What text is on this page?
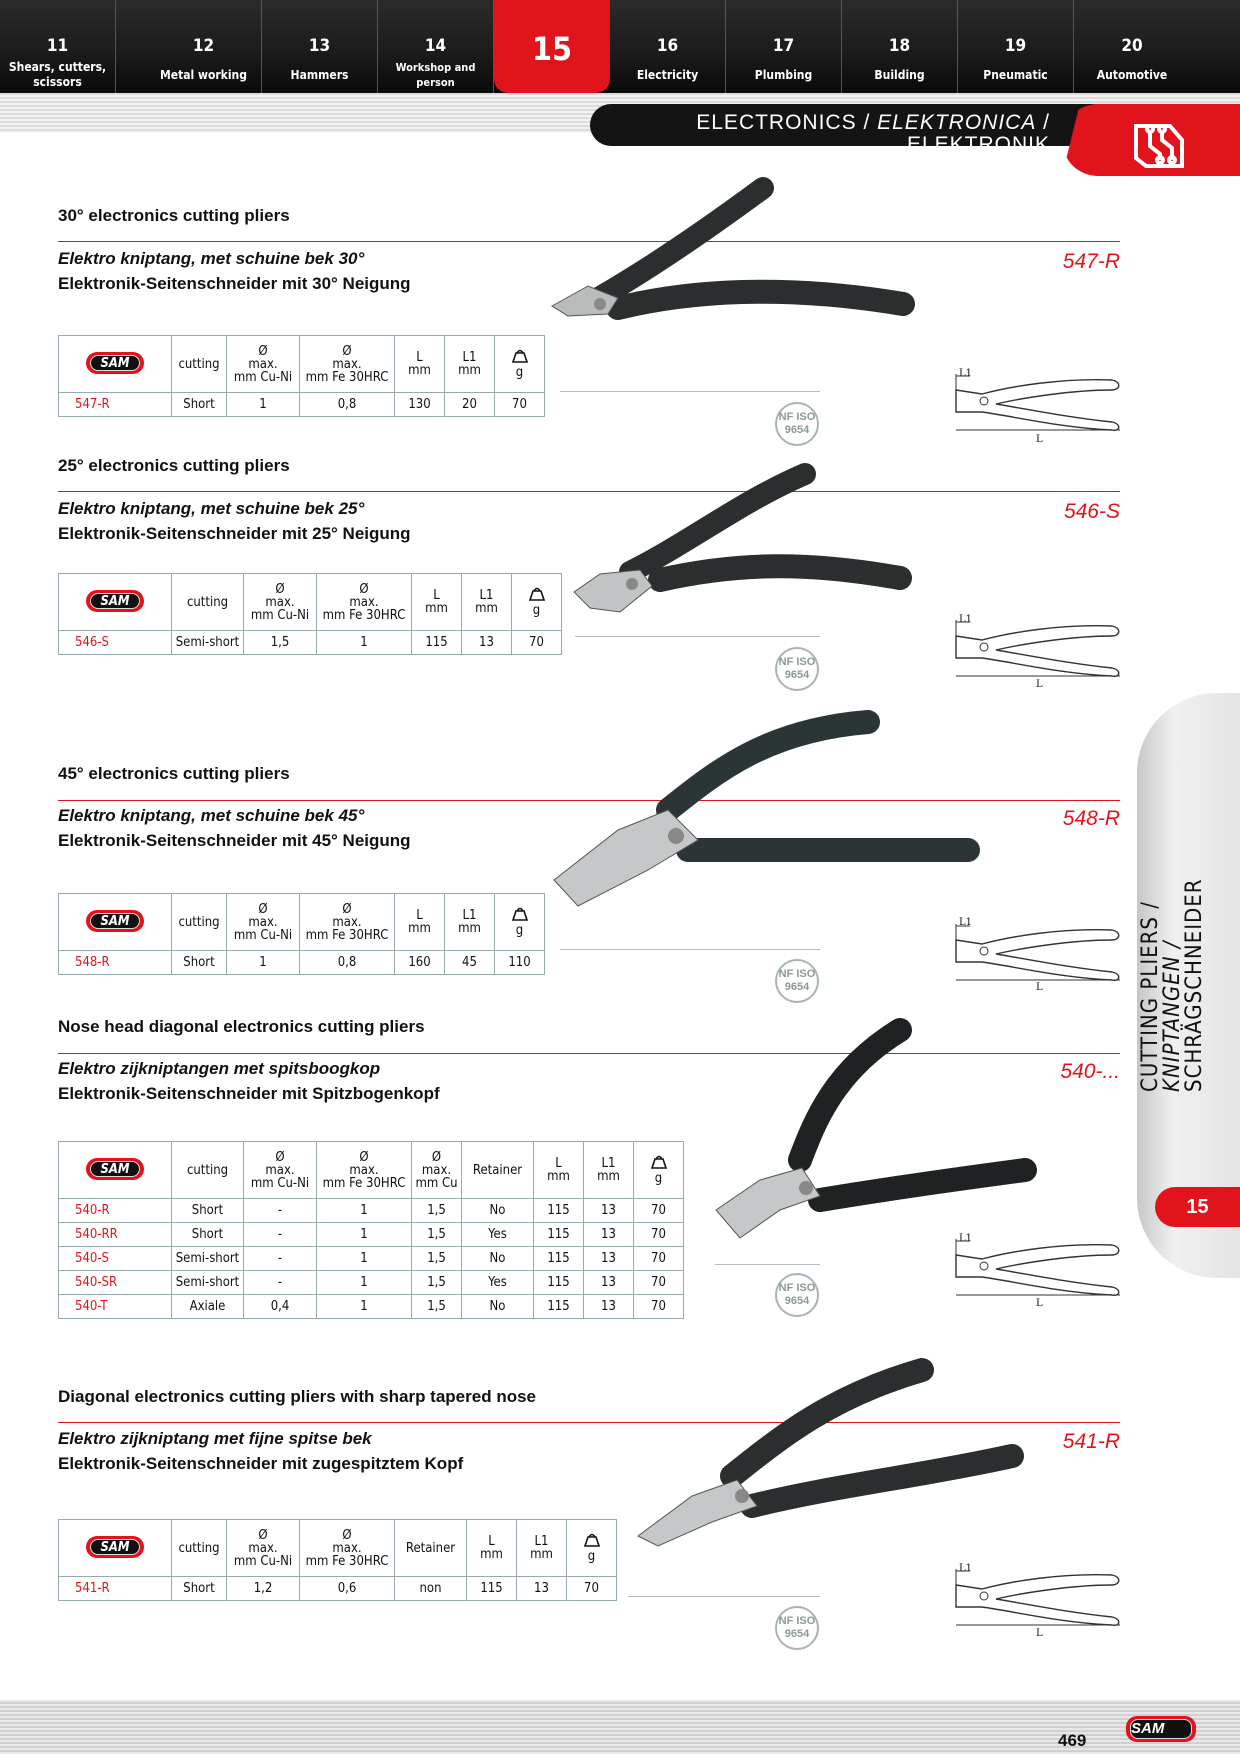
11
Shears, cutters, scissors
12
Metal working
13
Hammers
14
Workshop and person
15	16
Electricity
17
Plumbing
18
Building
19
Pneumatic
20
Automotive
ELECTRONICS / ELEKTRONICA /
ELEKTRONIK
30° electronics cutting pliers
Elektro kniptang, met schuine bek 30°
Elektronik-Seitenschneider mit 30° Neigung
547-R
SAM	cutting	Ø
max.
mm Cu-Ni	Ø
max.
mm Fe 30HRC	L
mm	L1
mm	g
547-R	Short	1	0,8	130	20	70
NF ISO
9654
L1
L
25° electronics cutting pliers
Elektro kniptang, met schuine bek 25°
Elektronik-Seitenschneider mit 25° Neigung
546-S
SAM	cutting	Ø
max.
mm Cu-Ni	Ø
max.
mm Fe 30HRC	L
mm	L1
mm	g
546-S	Semi-short	1,5	1	115	13	70
NF ISO
9654
L1
L
45° electronics cutting pliers
Elektro kniptang, met schuine bek 45°
Elektronik-Seitenschneider mit 45° Neigung
548-R
SAM	cutting	Ø
max.
mm Cu-Ni	Ø
max.
mm Fe 30HRC	L
mm	L1
mm	g
548-R	Short	1	0,8	160	45	110
NF ISO
9654
L1
L
Nose head diagonal electronics cutting pliers
Elektro zijkniptangen met spitsboogkop
Elektronik-Seitenschneider mit Spitzbogenkopf
540-...
SAM	cutting	Ø
max.
mm Cu-Ni	Ø
max.
mm Fe 30HRC	Ø
max.
mm Cu	Retainer	L
mm	L1
mm	g
540-R	Short	-	1	1,5	No	115	13	70
540-RR	Short	-	1	1,5	Yes	115	13	70
540-S	Semi-short	-	1	1,5	No	115	13	70
540-SR	Semi-short	-	1	1,5	Yes	115	13	70
540-T	Axiale	0,4	1	1,5	No	115	13	70
NF ISO
9654
L1
L
Diagonal electronics cutting pliers with sharp tapered nose
Elektro zijkniptang met fijne spitse bek
Elektronik-Seitenschneider mit zugespitztem Kopf
541-R
SAM	cutting	Ø
max.
mm Cu-Ni	Ø
max.
mm Fe 30HRC	Retainer	L
mm	L1
mm	g
541-R	Short	1,2	0,6	non	115	13	70
NF ISO
9654
L1
L
CUTTING PLIERS /
KNIPTANGEN /
SCHRÄGSCHNEIDER
15
469
SAM
